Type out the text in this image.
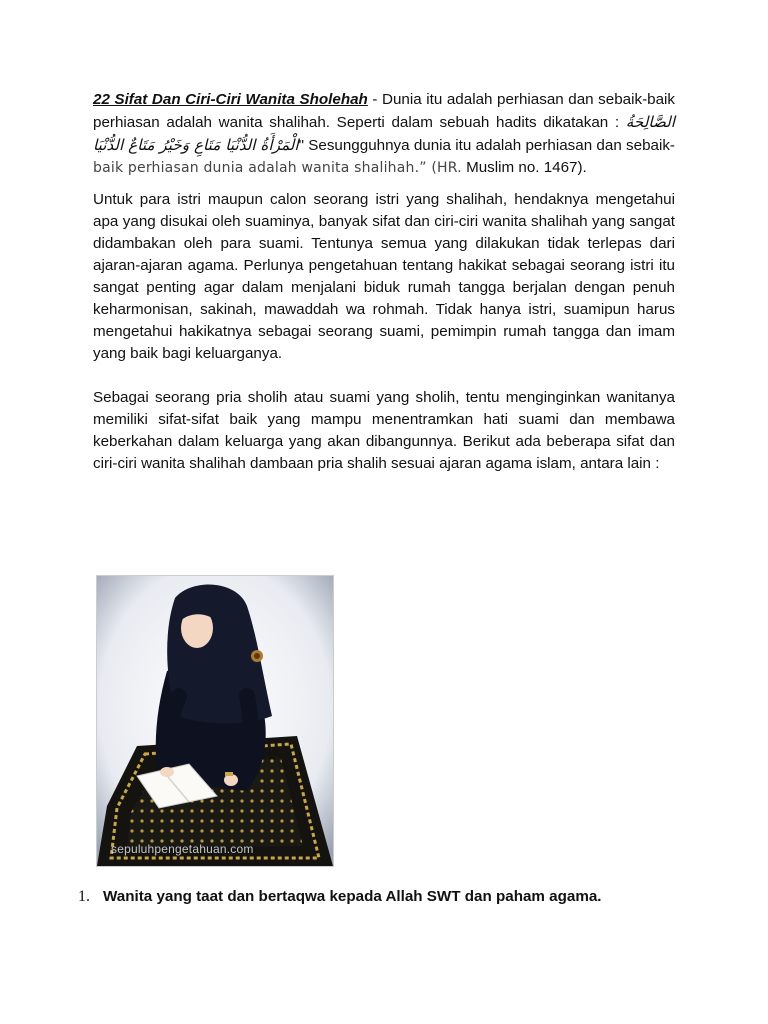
22 Sifat Dan Ciri-Ciri Wanita Sholehah - Dunia itu adalah perhiasan dan sebaik-baik perhiasan adalah wanita shalihah. Seperti dalam sebuah hadits dikatakan : الصَّالِحَةُ الْمَرْأَةُ الدُّنْيَا مَتَاعِ وَخَيْرُ مَتَاعٌ الدُّنْيَا" Sesungguhnya dunia itu adalah perhiasan dan sebaik-baik perhiasan dunia adalah wanita shalihah.” (HR. Muslim no. 1467).

Untuk para istri maupun calon seorang istri yang shalihah, hendaknya mengetahui apa yang disukai oleh suaminya, banyak sifat dan ciri-ciri wanita shalihah yang sangat didambakan oleh para suami. Tentunya semua yang dilakukan tidak terlepas dari ajaran-ajaran agama. Perlunya pengetahuan tentang hakikat sebagai seorang istri itu sangat penting agar dalam menjalani biduk rumah tangga berjalan dengan penuh keharmonisan, sakinah, mawaddah wa rohmah. Tidak hanya istri, suamipun harus mengetahui hakikatnya sebagai seorang suami, pemimpin rumah tangga dan imam yang baik bagi keluarganya.

Sebagai seorang pria sholih atau suami yang sholih, tentu menginginkan wanitanya memiliki sifat-sifat baik yang mampu menentramkan hati suami dan membawa keberkahan dalam keluarga yang akan dibangunnya. Berikut ada beberapa sifat dan ciri-ciri wanita shalihah dambaan pria shalih sesuai ajaran agama islam, antara lain :

sepuluhpengetahuan.com
1. Wanita yang taat dan bertaqwa kepada Allah SWT dan paham agama.
